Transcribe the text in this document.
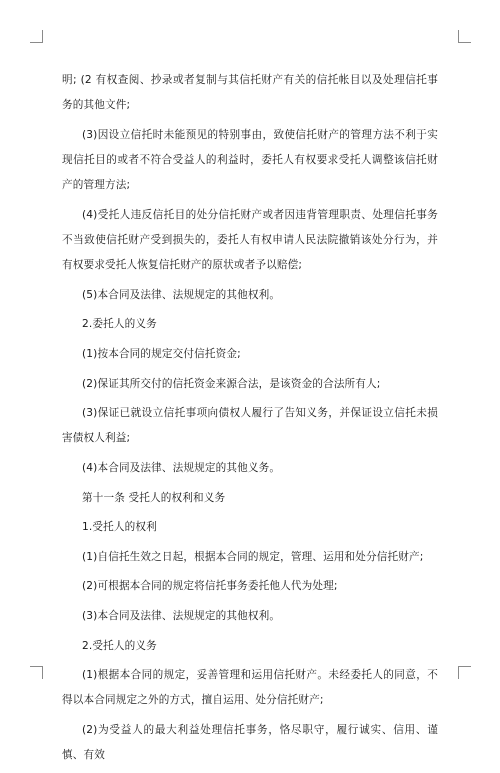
明; (2 有权查阅、抄录或者复制与其信托财产有关的信托帐目以及处理信托事务的其他文件;

(3)因设立信托时未能预见的特别事由，致使信托财产的管理方法不利于实现信托目的或者不符合受益人的利益时，委托人有权要求受托人调整该信托财产的管理方法;

(4)受托人违反信托目的处分信托财产或者因违背管理职责、处理信托事务不当致使信托财产受到损失的，委托人有权申请人民法院撤销该处分行为，并有权要求受托人恢复信托财产的原状或者予以赔偿;

(5)本合同及法律、法规规定的其他权利。

2.委托人的义务

(1)按本合同的规定交付信托资金;

(2)保证其所交付的信托资金来源合法，是该资金的合法所有人;

(3)保证已就设立信托事项向债权人履行了告知义务，并保证设立信托未损害债权人利益;

(4)本合同及法律、法规规定的其他义务。

第十一条 受托人的权利和义务

1.受托人的权利

(1)自信托生效之日起，根据本合同的规定，管理、运用和处分信托财产;

(2)可根据本合同的规定将信托事务委托他人代为处理;

(3)本合同及法律、法规规定的其他权利。

2.受托人的义务

(1)根据本合同的规定，妥善管理和运用信托财产。未经委托人的同意，不得以本合同规定之外的方式，擅自运用、处分信托财产;

(2)为受益人的最大利益处理信托事务，恪尽职守，履行诚实、信用、谨慎、有效
